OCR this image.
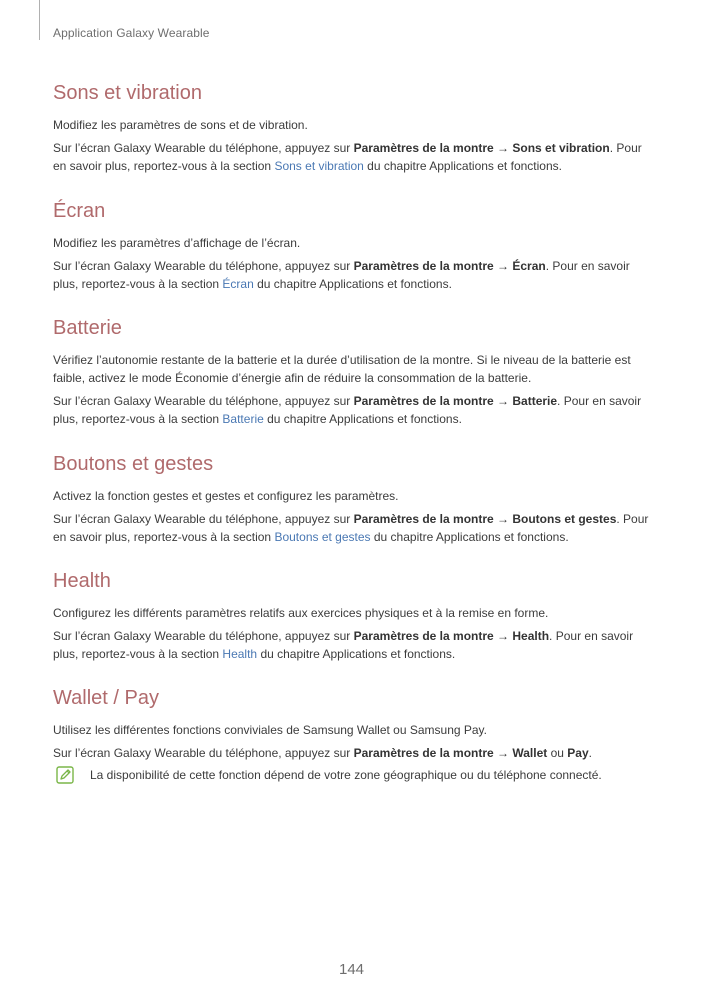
Application Galaxy Wearable
Sons et vibration

Modifiez les paramètres de sons et de vibration.

Sur l’écran Galaxy Wearable du téléphone, appuyez sur Paramètres de la montre → Sons et vibration. Pour en savoir plus, reportez-vous à la section Sons et vibration du chapitre Applications et fonctions.

Écran

Modifiez les paramètres d’affichage de l’écran.

Sur l’écran Galaxy Wearable du téléphone, appuyez sur Paramètres de la montre → Écran. Pour en savoir plus, reportez-vous à la section Écran du chapitre Applications et fonctions.

Batterie

Vérifiez l’autonomie restante de la batterie et la durée d’utilisation de la montre. Si le niveau de la batterie est faible, activez le mode Économie d’énergie afin de réduire la consommation de la batterie.

Sur l’écran Galaxy Wearable du téléphone, appuyez sur Paramètres de la montre → Batterie. Pour en savoir plus, reportez-vous à la section Batterie du chapitre Applications et fonctions.

Boutons et gestes

Activez la fonction gestes et gestes et configurez les paramètres.

Sur l’écran Galaxy Wearable du téléphone, appuyez sur Paramètres de la montre → Boutons et gestes. Pour en savoir plus, reportez-vous à la section Boutons et gestes du chapitre Applications et fonctions.

Health

Configurez les différents paramètres relatifs aux exercices physiques et à la remise en forme.

Sur l’écran Galaxy Wearable du téléphone, appuyez sur Paramètres de la montre → Health. Pour en savoir plus, reportez-vous à la section Health du chapitre Applications et fonctions.

Wallet / Pay

Utilisez les différentes fonctions conviviales de Samsung Wallet ou Samsung Pay.

Sur l’écran Galaxy Wearable du téléphone, appuyez sur Paramètres de la montre → Wallet ou Pay.

La disponibilité de cette fonction dépend de votre zone géographique ou du téléphone connecté.
144
